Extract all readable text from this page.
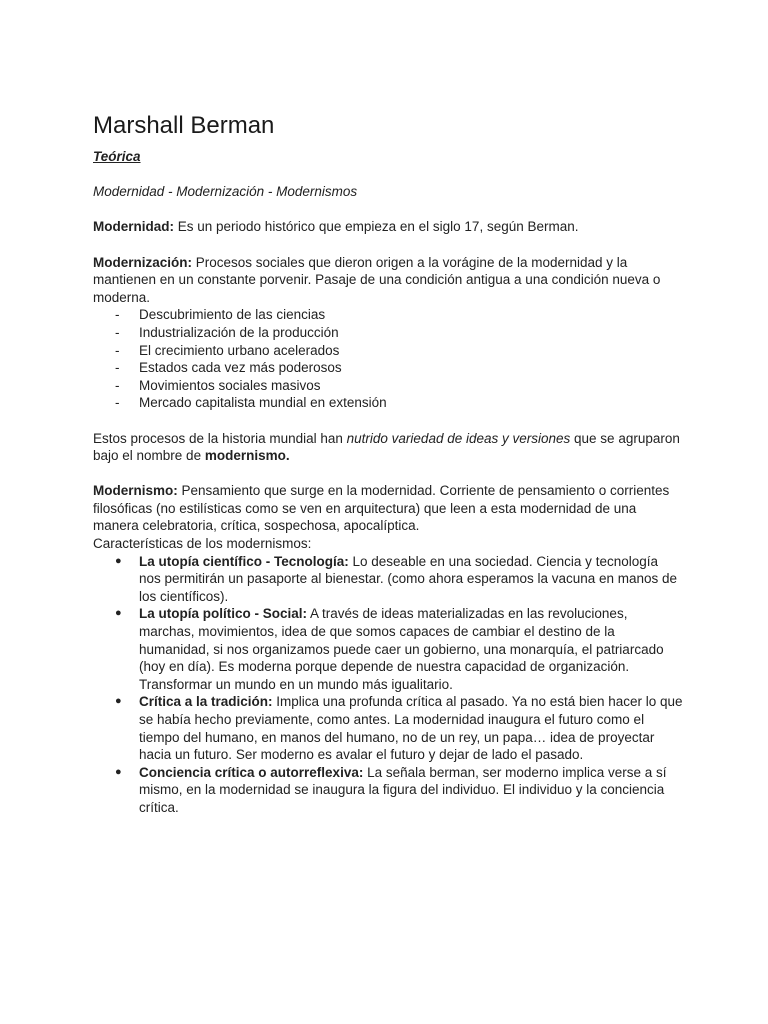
Marshall Berman

Teórica

Modernidad - Modernización - Modernismos

Modernidad: Es un periodo histórico que empieza en el siglo 17, según Berman.

Modernización: Procesos sociales que dieron origen a la vorágine de la modernidad y la mantienen en un constante porvenir. Pasaje de una condición antigua a una condición nueva o moderna.

- Descubrimiento de las ciencias
- Industrialización de la producción
- El crecimiento urbano acelerados
- Estados cada vez más poderosos
- Movimientos sociales masivos
- Mercado capitalista mundial en extensión

Estos procesos de la historia mundial han nutrido variedad de ideas y versiones que se agruparon bajo el nombre de modernismo.

Modernismo: Pensamiento que surge en la modernidad. Corriente de pensamiento o corrientes filosóficas (no estilísticas como se ven en arquitectura) que leen a esta modernidad de una manera celebratoria, crítica, sospechosa, apocalíptica.

Características de los modernismos:

● La utopía científico - Tecnología: Lo deseable en una sociedad. Ciencia y tecnología nos permitirán un pasaporte al bienestar. (como ahora esperamos la vacuna en manos de los científicos).
● La utopía político - Social: A través de ideas materializadas en las revoluciones, marchas, movimientos, idea de que somos capaces de cambiar el destino de la humanidad, si nos organizamos puede caer un gobierno, una monarquía, el patriarcado (hoy en día). Es moderna porque depende de nuestra capacidad de organización. Transformar un mundo en un mundo más igualitario.
● Crítica a la tradición: Implica una profunda crítica al pasado. Ya no está bien hacer lo que se había hecho previamente, como antes. La modernidad inaugura el futuro como el tiempo del humano, en manos del humano, no de un rey, un papa… idea de proyectar hacia un futuro. Ser moderno es avalar el futuro y dejar de lado el pasado.
● Conciencia crítica o autorreflexiva: La señala berman, ser moderno implica verse a sí mismo, en la modernidad se inaugura la figura del individuo. El individuo y la conciencia crítica.
